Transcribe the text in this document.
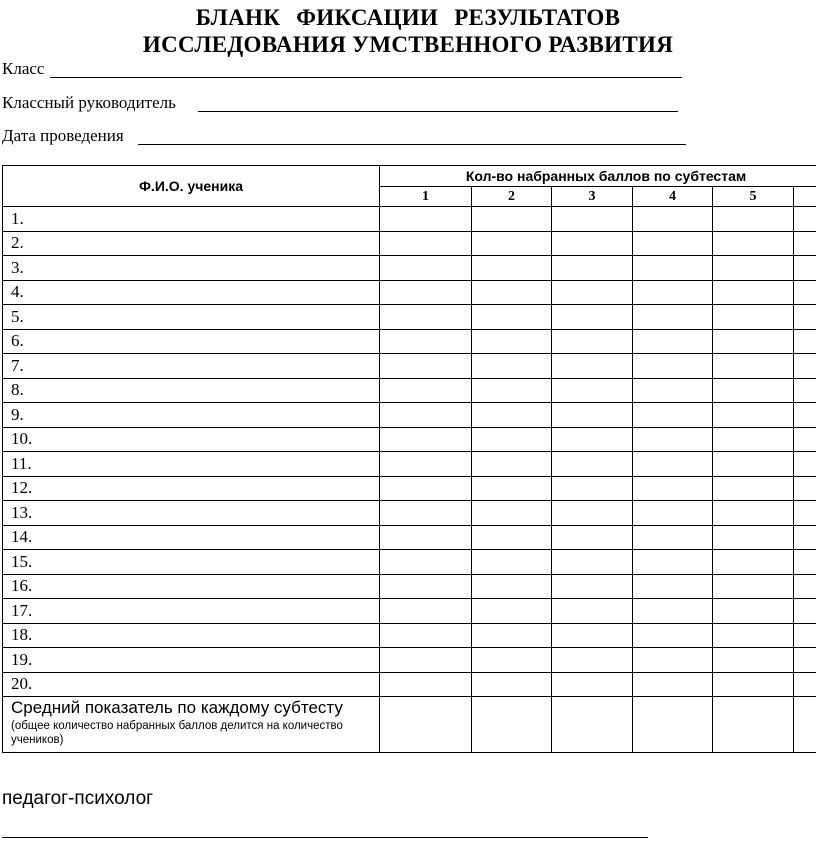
БЛАНК ФИКСАЦИИ РЕЗУЛЬТАТОВ
ИССЛЕДОВАНИЯ УМСТВЕННОГО РАЗВИТИЯ
Класс
Классный руководитель
Дата проведения
Ф.И.О. ученика	Кол-во набранных баллов по субтестам					
	1	2	3	4	5	
1.						
2.						
3.						
4.						
5.						
6.						
7.						
8.						
9.						
10.						
11.						
12.						
13.						
14.						
15.						
16.						
17.						
18.						
19.						
20.						

Средний показатель по каждому субтесту
(общее количество набранных баллов делится на количество учеников)						

педагог-психолог
